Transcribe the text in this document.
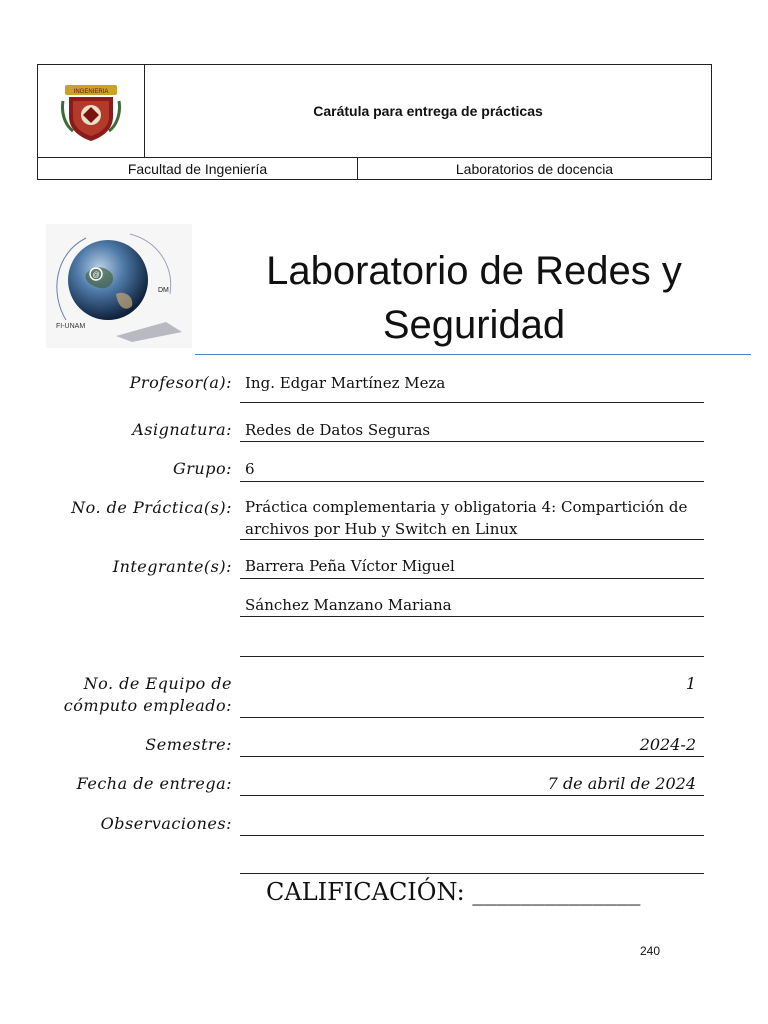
INGENIERIA
Carátula para entrega de prácticas
Facultad de Ingeniería	Laboratorios de docencia
@
DM
FI-UNAM
Laboratorio de Redes y
Seguridad
Profesor(a): Ing. Edgar Martínez Meza
Asignatura: Redes de Datos Seguras
Grupo: 6
No. de Práctica(s): Práctica complementaria y obligatoria 4: Compartición de
archivos por Hub y Switch en Linux
Integrante(s): Barrera Peña Víctor Miguel
Sánchez Manzano Mariana
No. de Equipo de
cómputo empleado:
1
Semestre:	2024-2
Fecha de entrega:	7 de abril de 2024
Observaciones:
CALIFICACIÓN: ______________
240
